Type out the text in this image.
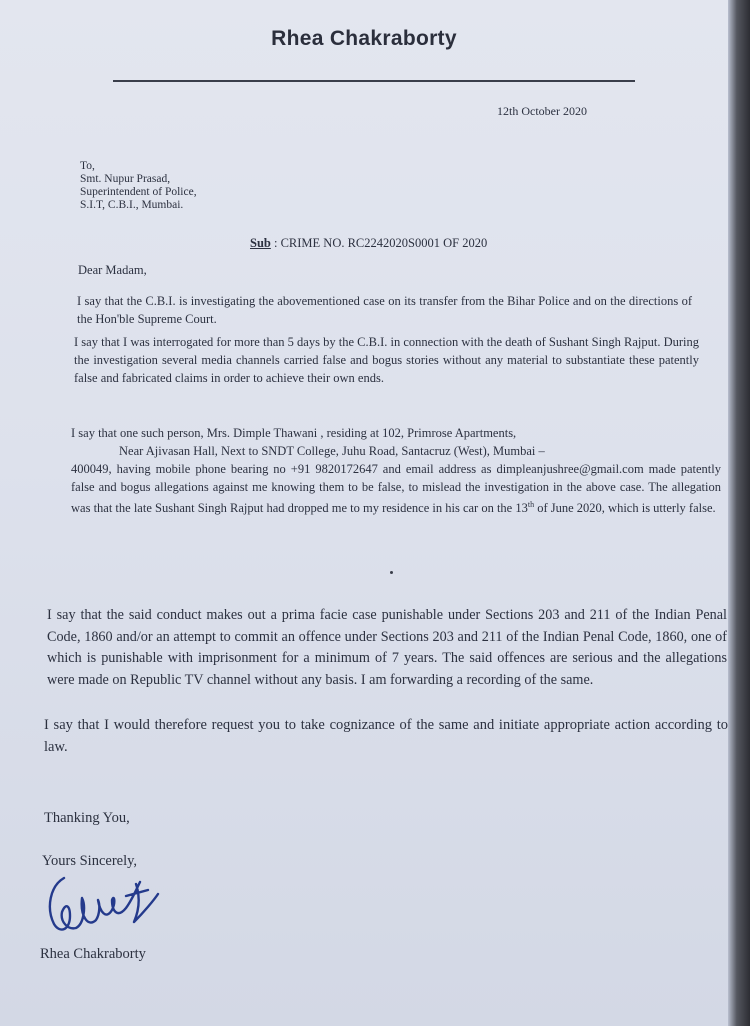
Rhea Chakraborty
12th October 2020
To,
Smt. Nupur Prasad,
Superintendent of Police,
S.I.T, C.B.I., Mumbai.
Sub : CRIME NO. RC2242020S0001 OF 2020
Dear Madam,
I say that the C.B.I. is investigating the abovementioned case on its transfer from the Bihar Police and on the directions of the Hon'ble Supreme Court.
I say that I was interrogated for more than 5 days by the C.B.I. in connection with the death of Sushant Singh Rajput. During the investigation several media channels carried false and bogus stories without any material to substantiate these patently false and fabricated claims in order to achieve their own ends.
I say that one such person, Mrs. Dimple Thawani , residing at 102, Primrose Apartments,
Near Ajivasan Hall, Next to SNDT College, Juhu Road, Santacruz (West), Mumbai –
400049, having mobile phone bearing no +91 9820172647 and email address as dimpleanjushree@gmail.com made patently false and bogus allegations against me knowing them to be false, to mislead the investigation in the above case. The allegation was that the late Sushant Singh Rajput had dropped me to my residence in his car on the 13th of June 2020, which is utterly false.
I say that the said conduct makes out a prima facie case punishable under Sections 203 and 211 of the Indian Penal Code, 1860 and/or an attempt to commit an offence under Sections 203 and 211 of the Indian Penal Code, 1860, one of which is punishable with imprisonment for a minimum of 7 years. The said offences are serious and the allegations were made on Republic TV channel without any basis. I am forwarding a recording of the same.
I say that I would therefore request you to take cognizance of the same and initiate appropriate action according to law.
Thanking You,
Yours Sincerely,
Rhea Chakraborty
